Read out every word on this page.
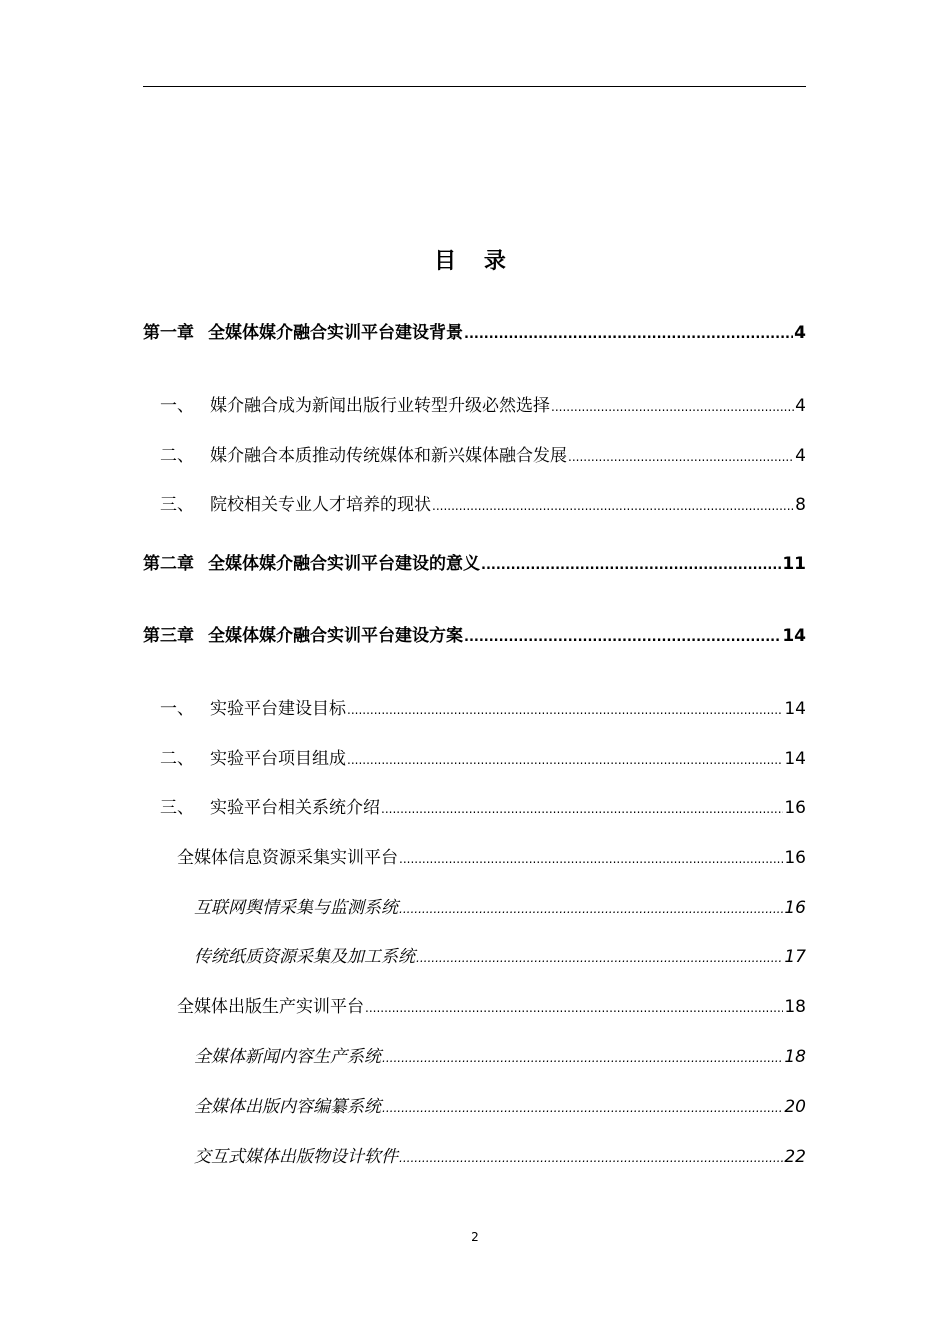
目 录
第一章 全媒体媒介融合实训平台建设背景 .....	4
一、 媒介融合成为新闻出版行业转型升级必然选择 .....	4
二、 媒介融合本质推动传统媒体和新兴媒体融合发展 .....	4
三、 院校相关专业人才培养的现状 .....	8
第二章 全媒体媒介融合实训平台建设的意义 .....	11
第三章 全媒体媒介融合实训平台建设方案 .....	14
一、 实验平台建设目标 .....	14
二、 实验平台项目组成 .....	14
三、 实验平台相关系统介绍 .....	16
全媒体信息资源采集实训平台 .....	16
互联网舆情采集与监测系统 .....	16
传统纸质资源采集及加工系统 .....	17
全媒体出版生产实训平台 .....	18
全媒体新闻内容生产系统 .....	18
全媒体出版内容编纂系统 .....	20
交互式媒体出版物设计软件 .....	22
2
